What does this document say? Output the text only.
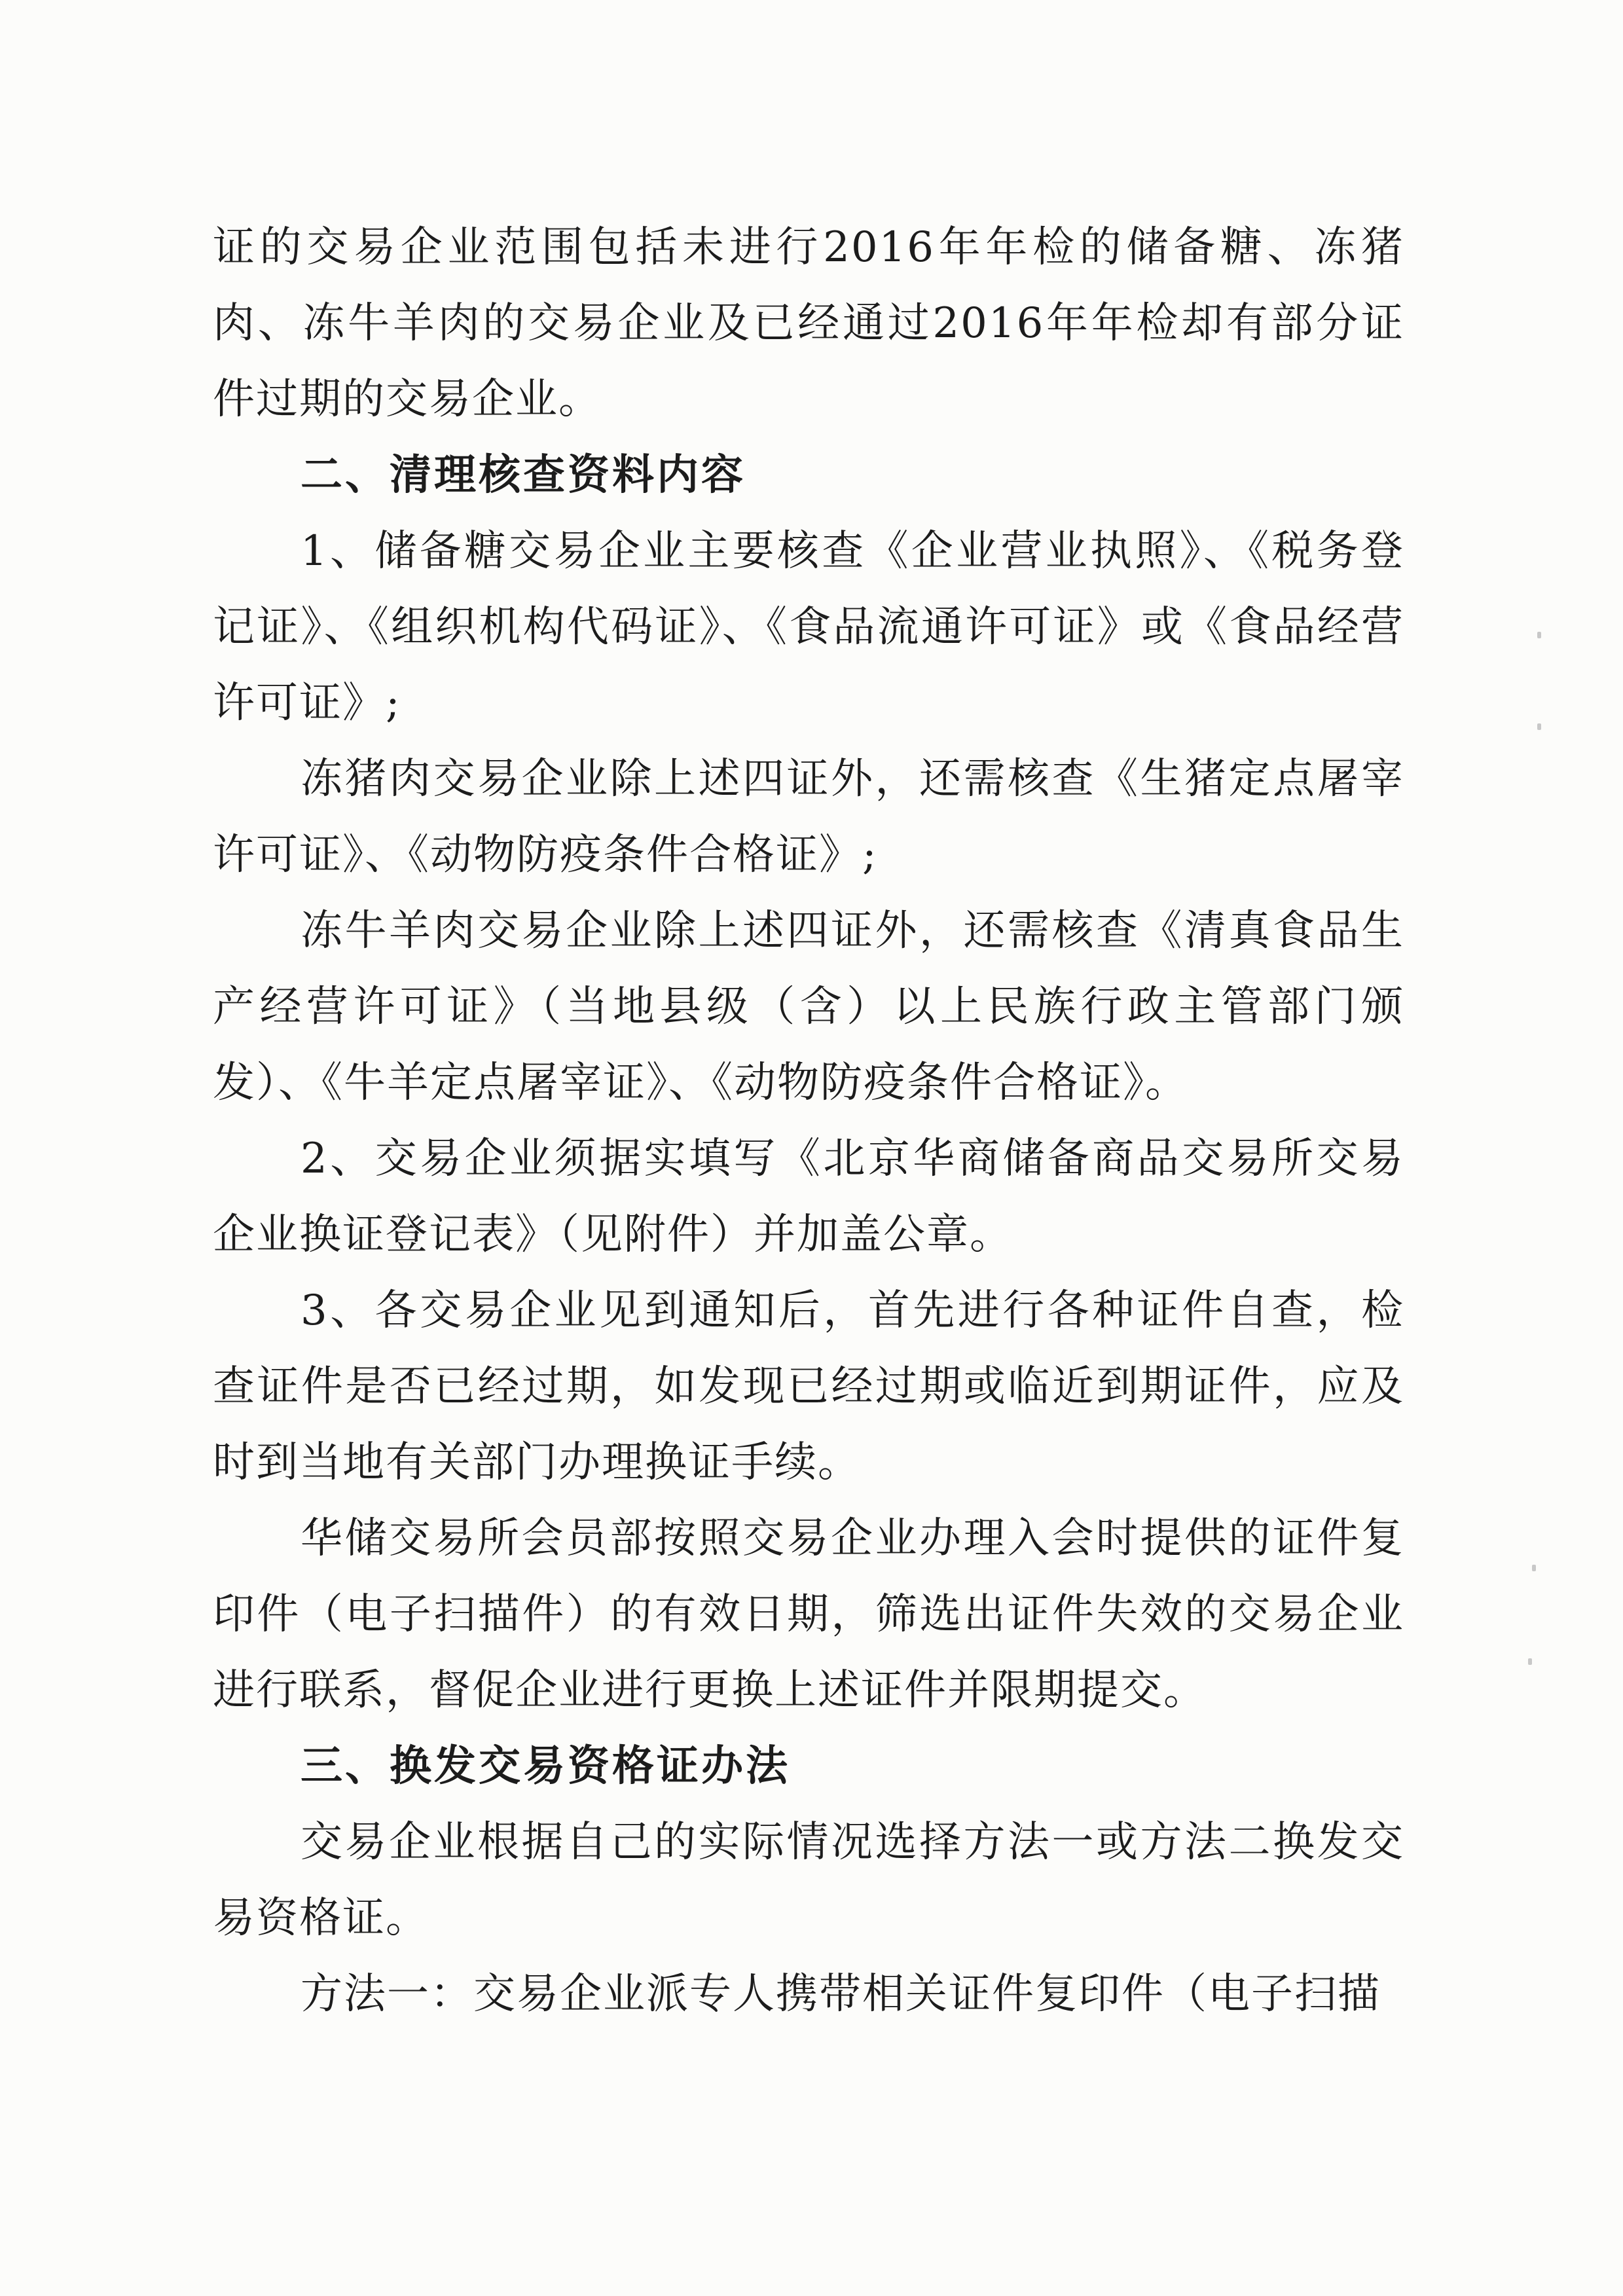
证的交易企业范围包括未进行2016年年检的储备糖、冻猪肉、冻牛羊肉的交易企业及已经通过2016年年检却有部分证件过期的交易企业。

二、清理核查资料内容

1、储备糖交易企业主要核查《企业营业执照》、《税务登记证》、《组织机构代码证》、《食品流通许可证》或《食品经营许可证》;

冻猪肉交易企业除上述四证外，还需核查《生猪定点屠宰许可证》、《动物防疫条件合格证》;

冻牛羊肉交易企业除上述四证外，还需核查《清真食品生产经营许可证》（当地县级（含）以上民族行政主管部门颁发）、《牛羊定点屠宰证》、《动物防疫条件合格证》。

2、交易企业须据实填写《北京华商储备商品交易所交易企业换证登记表》（见附件）并加盖公章。

3、各交易企业见到通知后，首先进行各种证件自查，检查证件是否已经过期，如发现已经过期或临近到期证件，应及时到当地有关部门办理换证手续。

华储交易所会员部按照交易企业办理入会时提供的证件复印件（电子扫描件）的有效日期，筛选出证件失效的交易企业进行联系，督促企业进行更换上述证件并限期提交。

三、换发交易资格证办法

交易企业根据自己的实际情况选择方法一或方法二换发交易资格证。

方法一：交易企业派专人携带相关证件复印件（电子扫描
